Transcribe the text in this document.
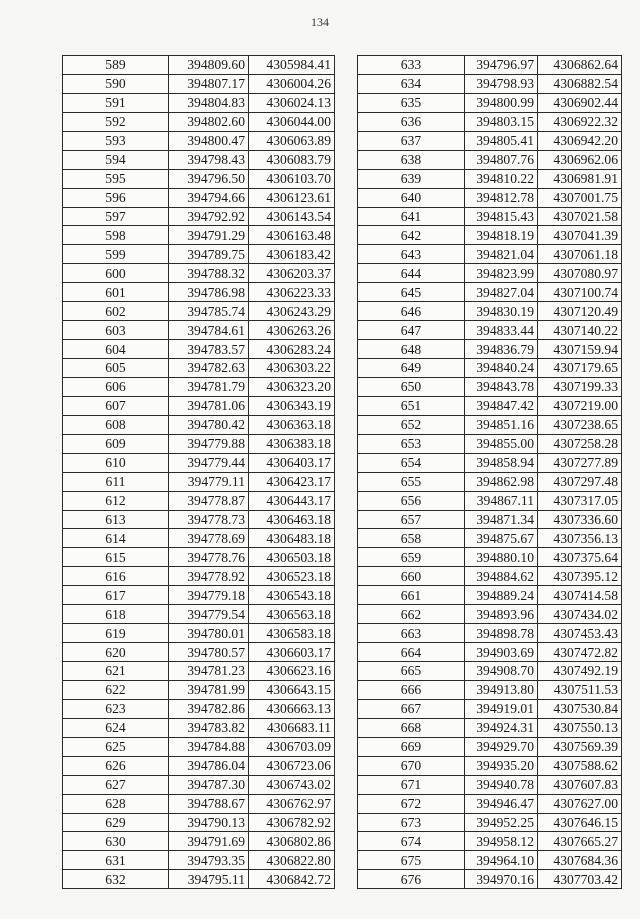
134
589	394809.60	4305984.41
590	394807.17	4306004.26
591	394804.83	4306024.13
592	394802.60	4306044.00
593	394800.47	4306063.89
594	394798.43	4306083.79
595	394796.50	4306103.70
596	394794.66	4306123.61
597	394792.92	4306143.54
598	394791.29	4306163.48
599	394789.75	4306183.42
600	394788.32	4306203.37
601	394786.98	4306223.33
602	394785.74	4306243.29
603	394784.61	4306263.26
604	394783.57	4306283.24
605	394782.63	4306303.22
606	394781.79	4306323.20
607	394781.06	4306343.19
608	394780.42	4306363.18
609	394779.88	4306383.18
610	394779.44	4306403.17
611	394779.11	4306423.17
612	394778.87	4306443.17
613	394778.73	4306463.18
614	394778.69	4306483.18
615	394778.76	4306503.18
616	394778.92	4306523.18
617	394779.18	4306543.18
618	394779.54	4306563.18
619	394780.01	4306583.18
620	394780.57	4306603.17
621	394781.23	4306623.16
622	394781.99	4306643.15
623	394782.86	4306663.13
624	394783.82	4306683.11
625	394784.88	4306703.09
626	394786.04	4306723.06
627	394787.30	4306743.02
628	394788.67	4306762.97
629	394790.13	4306782.92
630	394791.69	4306802.86
631	394793.35	4306822.80
632	394795.11	4306842.72
633	394796.97	4306862.64
634	394798.93	4306882.54
635	394800.99	4306902.44
636	394803.15	4306922.32
637	394805.41	4306942.20
638	394807.76	4306962.06
639	394810.22	4306981.91
640	394812.78	4307001.75
641	394815.43	4307021.58
642	394818.19	4307041.39
643	394821.04	4307061.18
644	394823.99	4307080.97
645	394827.04	4307100.74
646	394830.19	4307120.49
647	394833.44	4307140.22
648	394836.79	4307159.94
649	394840.24	4307179.65
650	394843.78	4307199.33
651	394847.42	4307219.00
652	394851.16	4307238.65
653	394855.00	4307258.28
654	394858.94	4307277.89
655	394862.98	4307297.48
656	394867.11	4307317.05
657	394871.34	4307336.60
658	394875.67	4307356.13
659	394880.10	4307375.64
660	394884.62	4307395.12
661	394889.24	4307414.58
662	394893.96	4307434.02
663	394898.78	4307453.43
664	394903.69	4307472.82
665	394908.70	4307492.19
666	394913.80	4307511.53
667	394919.01	4307530.84
668	394924.31	4307550.13
669	394929.70	4307569.39
670	394935.20	4307588.62
671	394940.78	4307607.83
672	394946.47	4307627.00
673	394952.25	4307646.15
674	394958.12	4307665.27
675	394964.10	4307684.36
676	394970.16	4307703.42
